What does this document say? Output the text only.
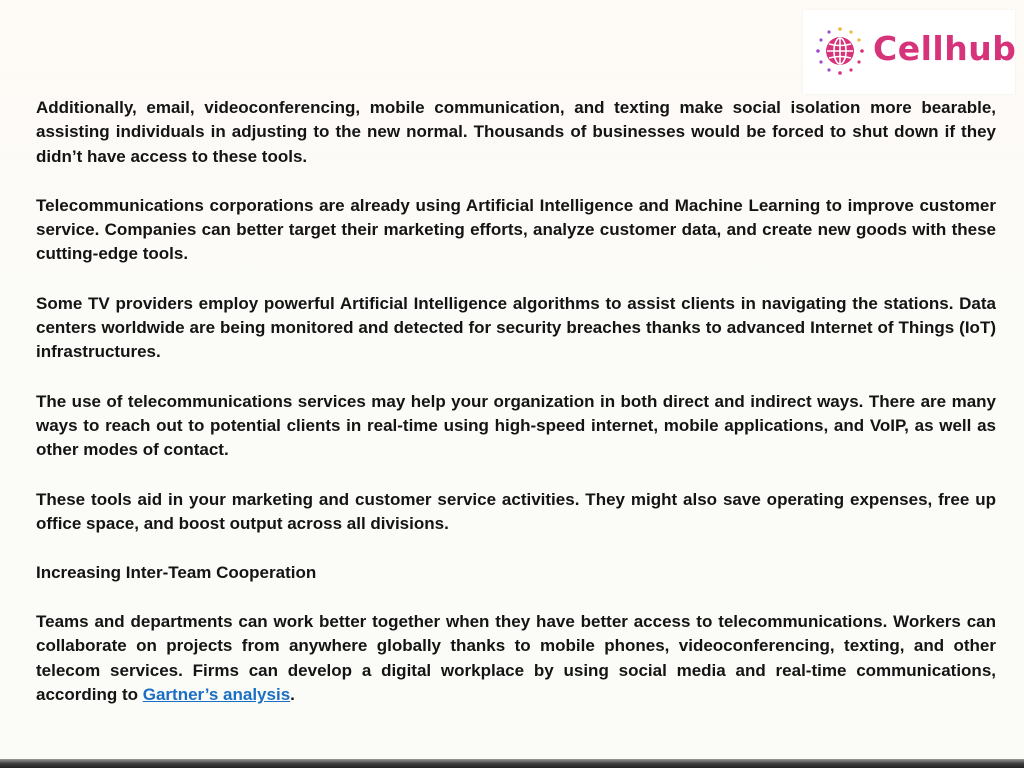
Cellhub

Additionally, email, videoconferencing, mobile communication, and texting make social isolation more bearable, assisting individuals in adjusting to the new normal. Thousands of businesses would be forced to shut down if they didn’t have access to these tools.

Telecommunications corporations are already using Artificial Intelligence and Machine Learning to improve customer service. Companies can better target their marketing efforts, analyze customer data, and create new goods with these cutting-edge tools.

Some TV providers employ powerful Artificial Intelligence algorithms to assist clients in navigating the stations. Data centers worldwide are being monitored and detected for security breaches thanks to advanced Internet of Things (IoT) infrastructures.

The use of telecommunications services may help your organization in both direct and indirect ways. There are many ways to reach out to potential clients in real-time using high-speed internet, mobile applications, and VoIP, as well as other modes of contact.

These tools aid in your marketing and customer service activities. They might also save operating expenses, free up office space, and boost output across all divisions.

Increasing Inter-Team Cooperation

Teams and departments can work better together when they have better access to telecommunications. Workers can collaborate on projects from anywhere globally thanks to mobile phones, videoconferencing, texting, and other telecom services. Firms can develop a digital workplace by using social media and real-time communications, according to Gartner’s analysis.
